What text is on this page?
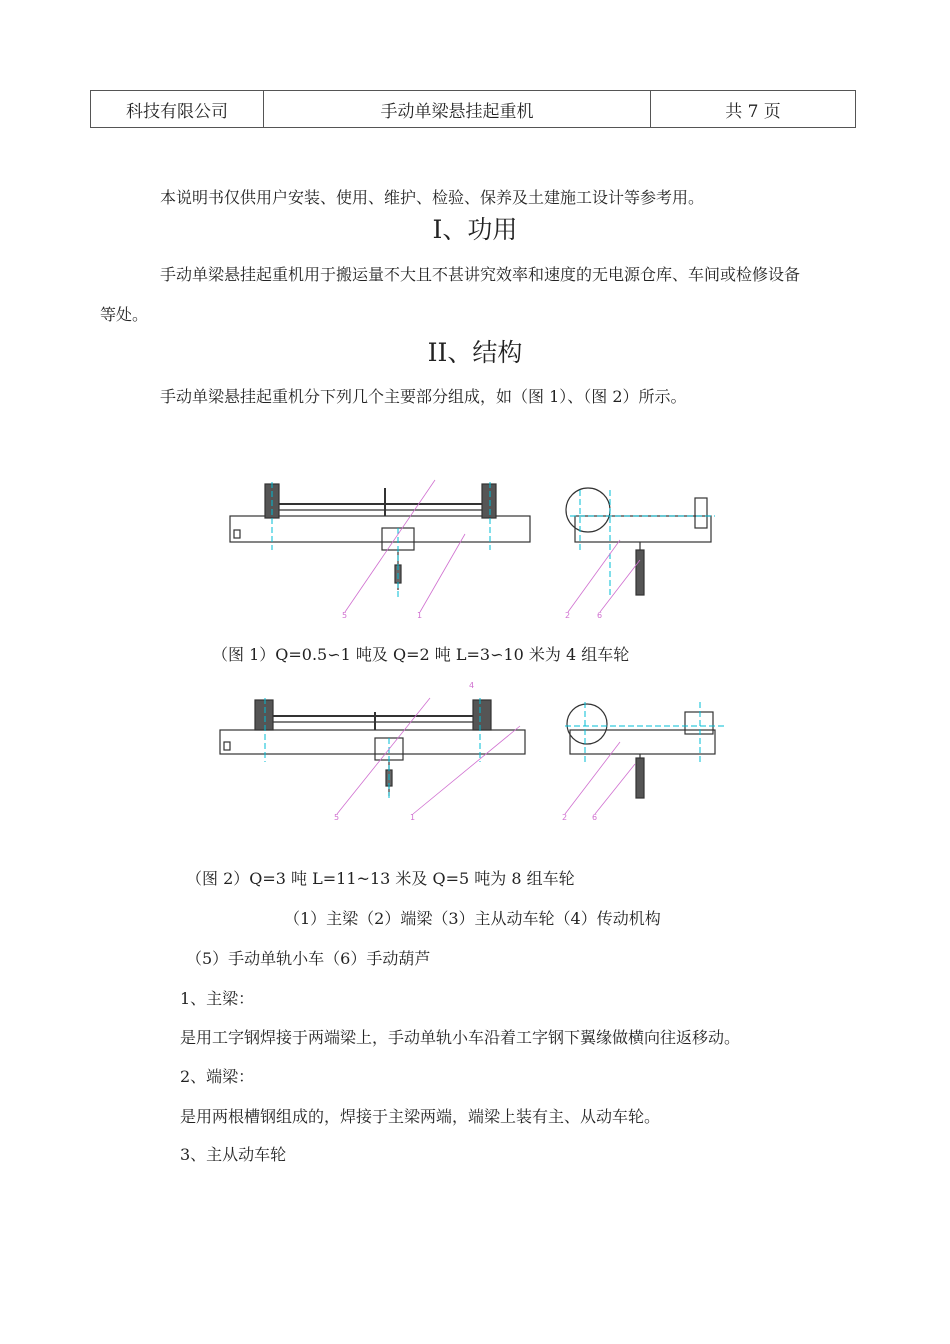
科技有限公司	手动单梁悬挂起重机	共 7 页
本说明书仅供用户安装、使用、维护、检验、保养及土建施工设计等参考用。
I、功用
手动单梁悬挂起重机用于搬运量不大且不甚讲究效率和速度的无电源仓库、车间或检修设备
等处。
II、结构
手动单梁悬挂起重机分下列几个主要部分组成，如（图 1）、（图 2）所示。
5	1	2	6
（图 1）Q=0.5∽1 吨及 Q=2 吨 L=3∽10 米为 4 组车轮
5	1	2	6
4
（图 2）Q=3 吨 L=11~13 米及 Q=5 吨为 8 组车轮
（1）主梁（2）端梁（3）主从动车轮（4）传动机构
（5）手动单轨小车（6）手动葫芦
1、主梁：
是用工字钢焊接于两端梁上，手动单轨小车沿着工字钢下翼缘做横向往返移动。
2、端梁：
是用两根槽钢组成的，焊接于主梁两端，端梁上装有主、从动车轮。
3、主从动车轮
